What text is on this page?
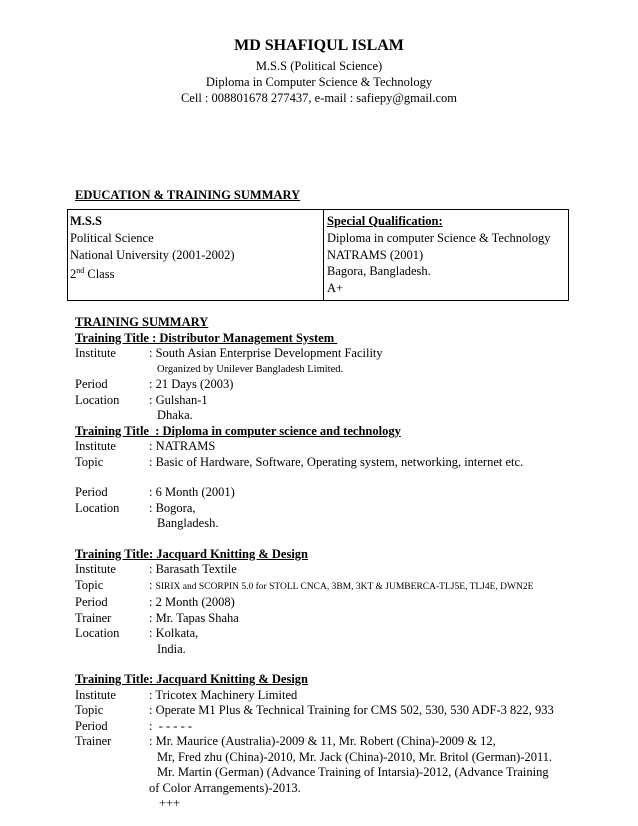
MD SHAFIQUL ISLAM
M.S.S (Political Science)
Diploma in Computer Science & Technology
Cell : 008801678 277437, e-mail : safiepy@gmail.com
EDUCATION & TRAINING SUMMARY
M.S.S
Political Science
National University (2001-2002)
2nd Class
Special Qualification:
Diploma in computer Science & Technology
NATRAMS (2001)
Bagora, Bangladesh.
A+
TRAINING SUMMARY
Training Title : Distributor Management System
Institute	: South Asian Enterprise Development Facility
Organized by Unilever Bangladesh Limited.
Period	: 21 Days (2003)
Location	: Gulshan-1
Dhaka.
Training Title  : Diploma in computer science and technology
Institute	: NATRAMS
Topic	: Basic of Hardware, Software, Operating system, networking, internet etc.
Period	: 6 Month (2001)
Location	: Bogora,
Bangladesh.
Training Title: Jacquard Knitting & Design
Institute	: Barasath Textile
Topic	: SIRIX and SCORPIN 5.0 for STOLL CNCA, 3BM, 3KT & JUMBERCA-TLJ5E, TLJ4E, DWN2E
Period	: 2 Month (2008)
Trainer	: Mr. Tapas Shaha
Location	: Kolkata,
India.
Training Title: Jacquard Knitting & Design
Institute	: Tricotex Machinery Limited
Topic	: Operate M1 Plus & Technical Training for CMS 502, 530, 530 ADF-3 822, 933
Period	:  - - - - -
Trainer	: Mr. Maurice (Australia)-2009 & 11, Mr. Robert (China)-2009 & 12,
Mr, Fred zhu (China)-2010, Mr. Jack (China)-2010, Mr. Britol (German)-2011.
Mr. Martin (German) (Advance Training of Intarsia)-2012, (Advance Training
of Color Arrangements)-2013.
+++
